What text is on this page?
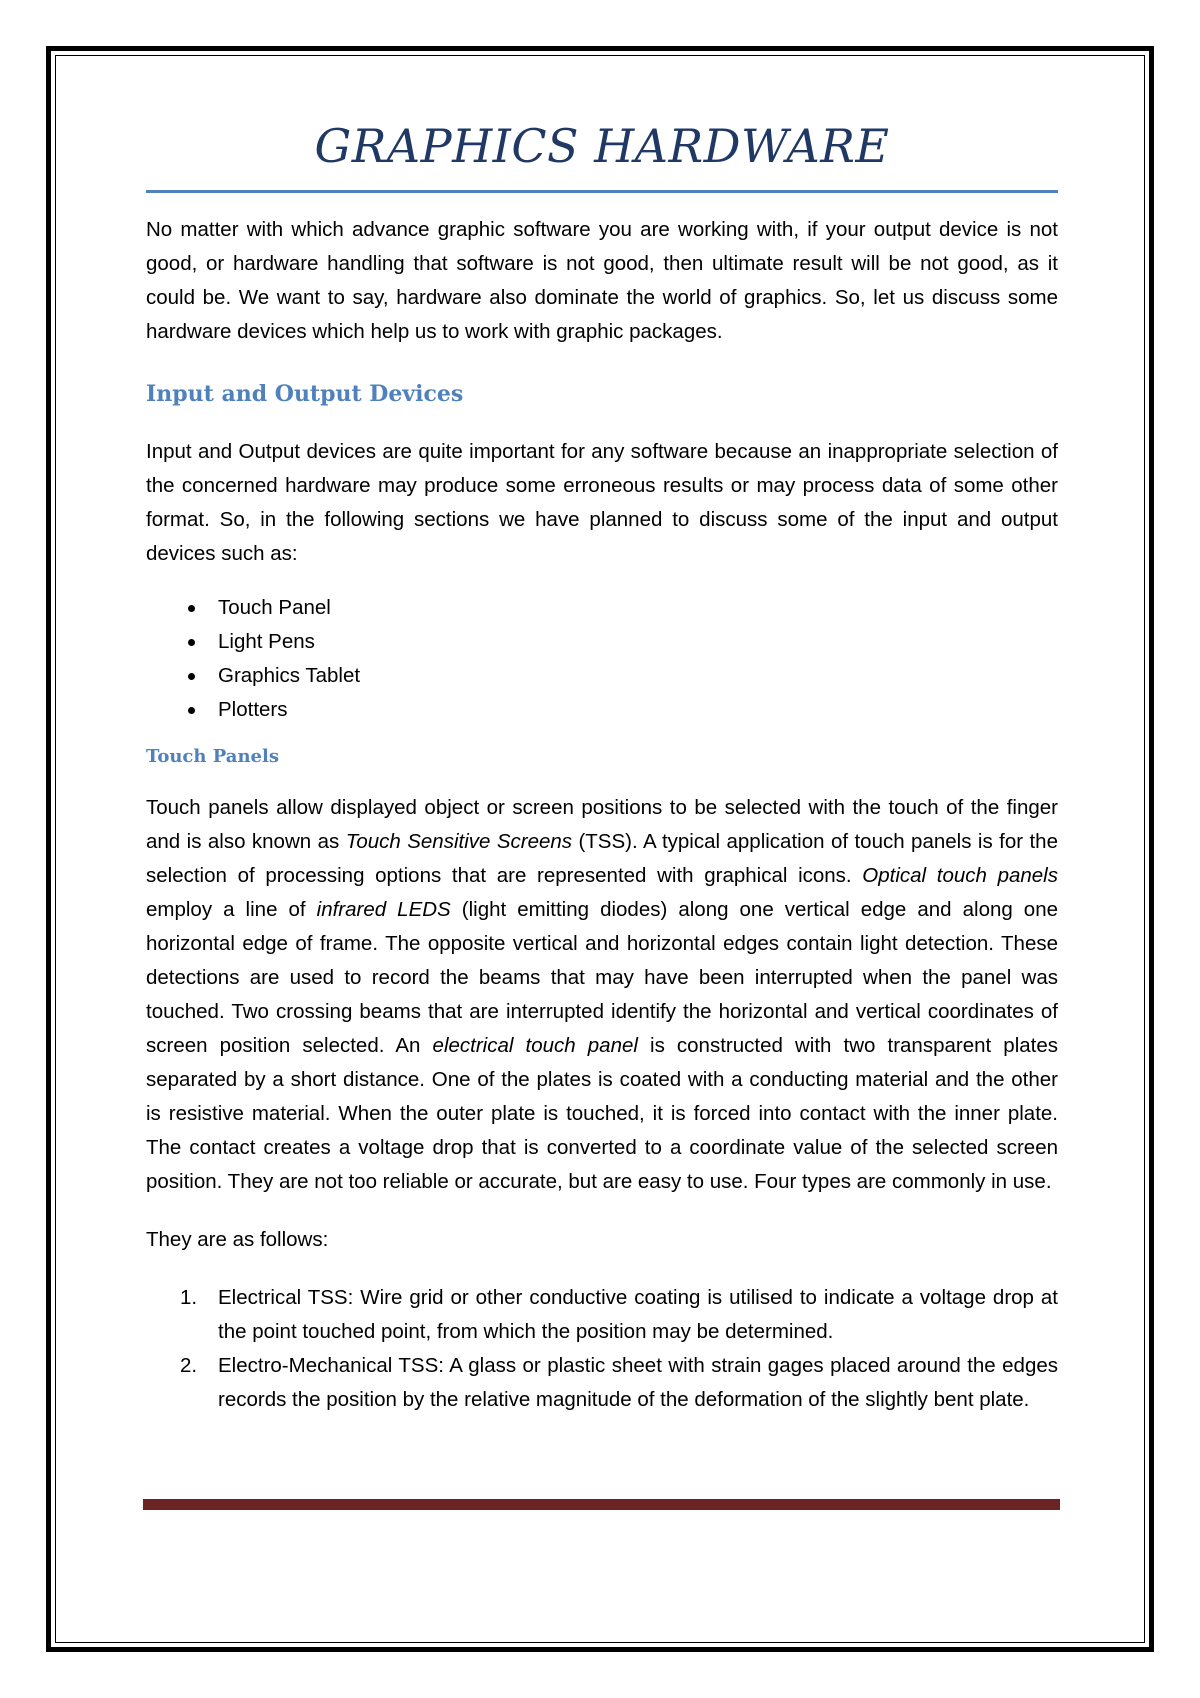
GRAPHICS HARDWARE

No matter with which advance graphic software you are working with, if your output device is not good, or hardware handling that software is not good, then ultimate result will be not good, as it could be. We want to say, hardware also dominate the world of graphics. So, let us discuss some hardware devices which help us to work with graphic packages.

Input and Output Devices

Input and Output devices are quite important for any software because an inappropriate selection of the concerned hardware may produce some erroneous results or may process data of some other format. So, in the following sections we have planned to discuss some of the input and output devices such as:

Touch Panel
Light Pens
Graphics Tablet
Plotters
Touch Panels

Touch panels allow displayed object or screen positions to be selected with the touch of the finger and is also known as Touch Sensitive Screens (TSS). A typical application of touch panels is for the selection of processing options that are represented with graphical icons. Optical touch panels employ a line of infrared LEDS (light emitting diodes) along one vertical edge and along one horizontal edge of frame. The opposite vertical and horizontal edges contain light detection. These detections are used to record the beams that may have been interrupted when the panel was touched. Two crossing beams that are interrupted identify the horizontal and vertical coordinates of screen position selected. An electrical touch panel is constructed with two transparent plates separated by a short distance. One of the plates is coated with a conducting material and the other is resistive material. When the outer plate is touched, it is forced into contact with the inner plate. The contact creates a voltage drop that is converted to a coordinate value of the selected screen position. They are not too reliable or accurate, but are easy to use. Four types are commonly in use.

They are as follows:

1. Electrical TSS: Wire grid or other conductive coating is utilised to indicate a voltage drop at the point touched point, from which the position may be determined.
2. Electro-Mechanical TSS: A glass or plastic sheet with strain gages placed around the edges records the position by the relative magnitude of the deformation of the slightly bent plate.
